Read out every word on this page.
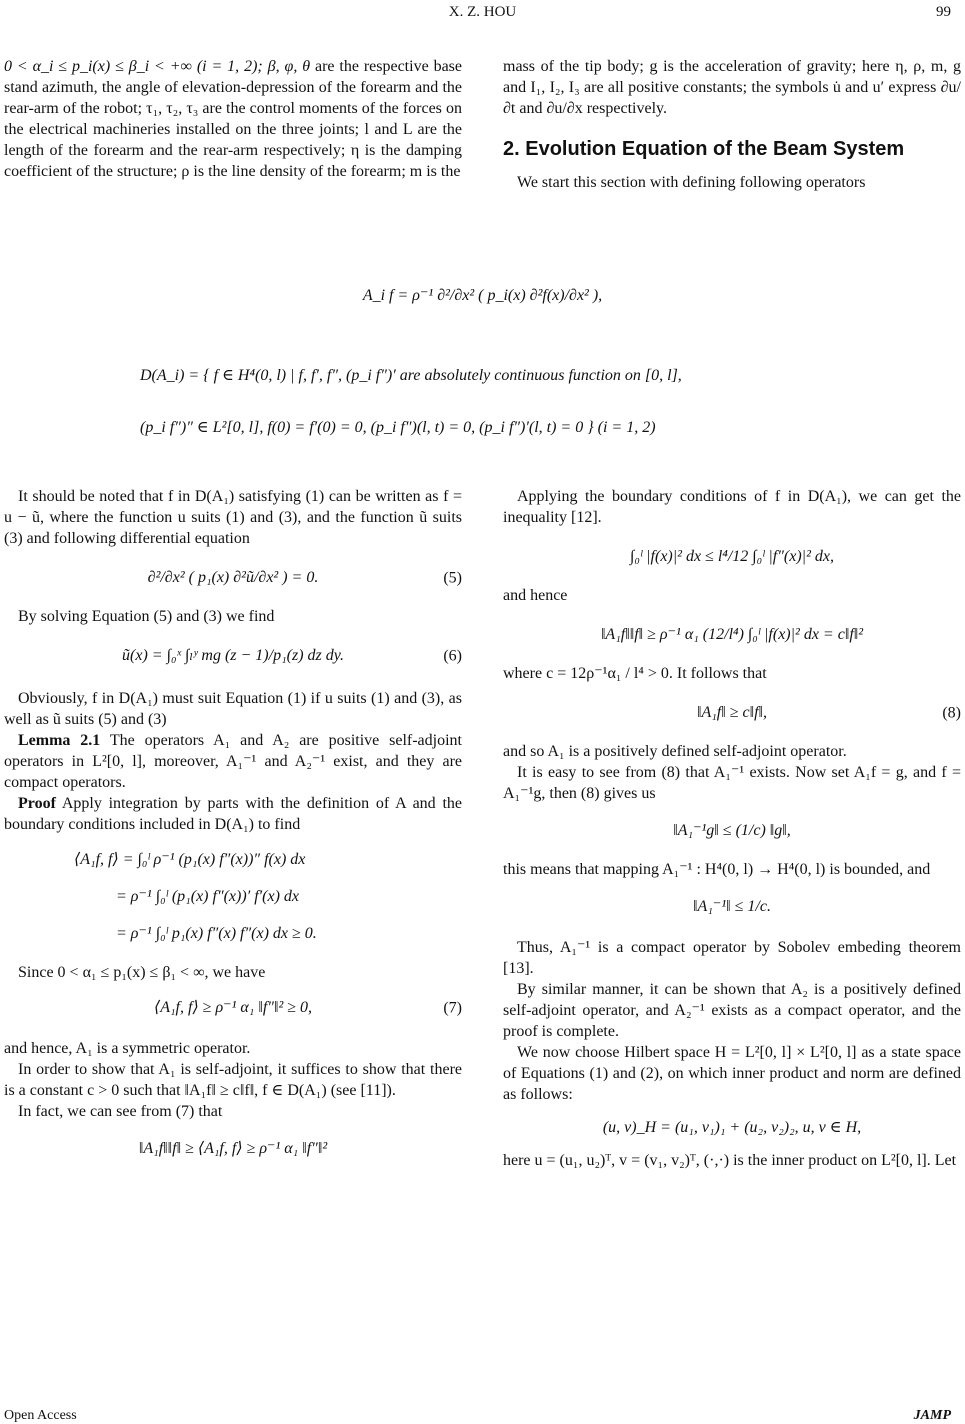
X. Z. HOU	99

0 < α_i ≤ p_i(x) ≤ β_i < +∞ (i = 1, 2); β, φ, θ are the respective base stand azimuth, the angle of elevation-depression of the forearm and the rear-arm of the robot; τ₁, τ₂, τ₃ are the control moments of the forces on the electrical machineries installed on the three joints; l and L are the length of the forearm and the rear-arm respectively; η is the damping coefficient of the structure; ρ is the line density of the forearm; m is the

mass of the tip body; g is the acceleration of gravity; here η, ρ, m, g and I₁, I₂, I₃ are all positive constants; the symbols u̇ and u′ express ∂u/∂t and ∂u/∂x respectively.

2. Evolution Equation of the Beam System

We start this section with defining following operators

A_i f = ρ⁻¹ ∂²/∂x² ( p_i(x) ∂²f(x)/∂x² ),
D(A_i) = { f ∈ H⁴(0, l) | f, f′, f″, (p_i f″)′ are absolutely continuous function on [0, l],
(p_i f″)″ ∈ L²[0, l], f(0) = f′(0) = 0, (p_i f″)(l, t) = 0, (p_i f″)′(l, t) = 0 } (i = 1, 2)

It should be noted that f in D(A₁) satisfying (1) can be written as f = u − ũ, where the function u suits (1) and (3), and the function ũ suits (3) and following differential equation

∂²/∂x² ( p₁(x) ∂²ũ/∂x² ) = 0.	(5)

By solving Equation (5) and (3) we find

ũ(x) = ∫₀ˣ ∫ₗʸ mg (z − 1)/p₁(z) dz dy.	(6)

Obviously, f in D(A₁) must suit Equation (1) if u suits (1) and (3), as well as ũ suits (5) and (3)

Lemma 2.1 The operators A₁ and A₂ are positive self-adjoint operators in L²[0, l], moreover, A₁⁻¹ and A₂⁻¹ exist, and they are compact operators.

Proof Apply integration by parts with the definition of A and the boundary conditions included in D(A₁) to find

⟨A₁f, f⟩ = ∫₀ˡ ρ⁻¹ (p₁(x) f″(x))″ f(x) dx
= ρ⁻¹ ∫₀ˡ (p₁(x) f″(x))′ f′(x) dx
= ρ⁻¹ ∫₀ˡ p₁(x) f″(x) f″(x) dx ≥ 0.

Since 0 < α₁ ≤ p₁(x) ≤ β₁ < ∞, we have

⟨A₁f, f⟩ ≥ ρ⁻¹ α₁ ‖f″‖² ≥ 0,	(7)

and hence, A₁ is a symmetric operator.

In order to show that A₁ is self-adjoint, it suffices to show that there is a constant c > 0 such that ‖A₁f‖ ≥ c‖f‖, f ∈ D(A₁) (see [11]).

In fact, we can see from (7) that

‖A₁f‖‖f‖ ≥ ⟨A₁f, f⟩ ≥ ρ⁻¹ α₁ ‖f″‖²

Applying the boundary conditions of f in D(A₁), we can get the inequality [12].

∫₀ˡ |f(x)|² dx ≤ l⁴/12 ∫₀ˡ |f″(x)|² dx,

and hence

‖A₁f‖‖f‖ ≥ ρ⁻¹ α₁ (12/l⁴) ∫₀ˡ |f(x)|² dx = c‖f‖²

where c = 12ρ⁻¹α₁ / l⁴ > 0. It follows that

‖A₁f‖ ≥ c‖f‖,	(8)

and so A₁ is a positively defined self-adjoint operator.

It is easy to see from (8) that A₁⁻¹ exists. Now set A₁f = g, and f = A₁⁻¹g, then (8) gives us

‖A₁⁻¹g‖ ≤ (1/c) ‖g‖,

this means that mapping A₁⁻¹ : H⁴(0, l) → H⁴(0, l) is bounded, and

‖A₁⁻¹‖ ≤ 1/c.

Thus, A₁⁻¹ is a compact operator by Sobolev embeding theorem [13].

By similar manner, it can be shown that A₂ is a positively defined self-adjoint operator, and A₂⁻¹ exists as a compact operator, and the proof is complete.

We now choose Hilbert space H = L²[0, l] × L²[0, l] as a state space of Equations (1) and (2), on which inner product and norm are defined as follows:

(u, v)_H = (u₁, v₁)₁ + (u₂, v₂)₂, u, v ∈ H,

here u = (u₁, u₂)ᵀ, v = (v₁, v₂)ᵀ, (·,·) is the inner product on L²[0, l]. Let

Open Access	JAMP
